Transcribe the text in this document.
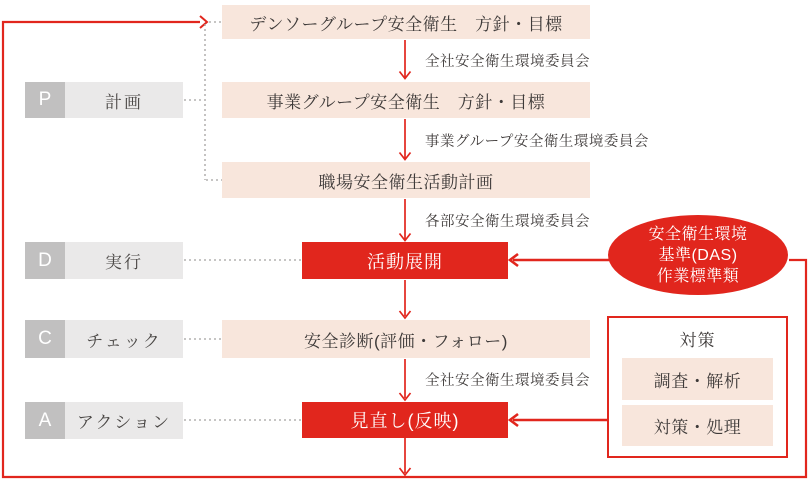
P	計画
D	実行
C	チェック
A	アクション
デンソーグループ安全衛生　方針・目標
全社安全衛生環境委員会
事業グループ安全衛生　方針・目標
事業グループ安全衛生環境委員会
職場安全衛生活動計画
各部安全衛生環境委員会
活動展開
安全診断(評価・フォロー)
全社安全衛生環境委員会
見直し(反映)
安全衛生環境
基準(DAS)
作業標準類
対策
調査・解析
対策・処理
